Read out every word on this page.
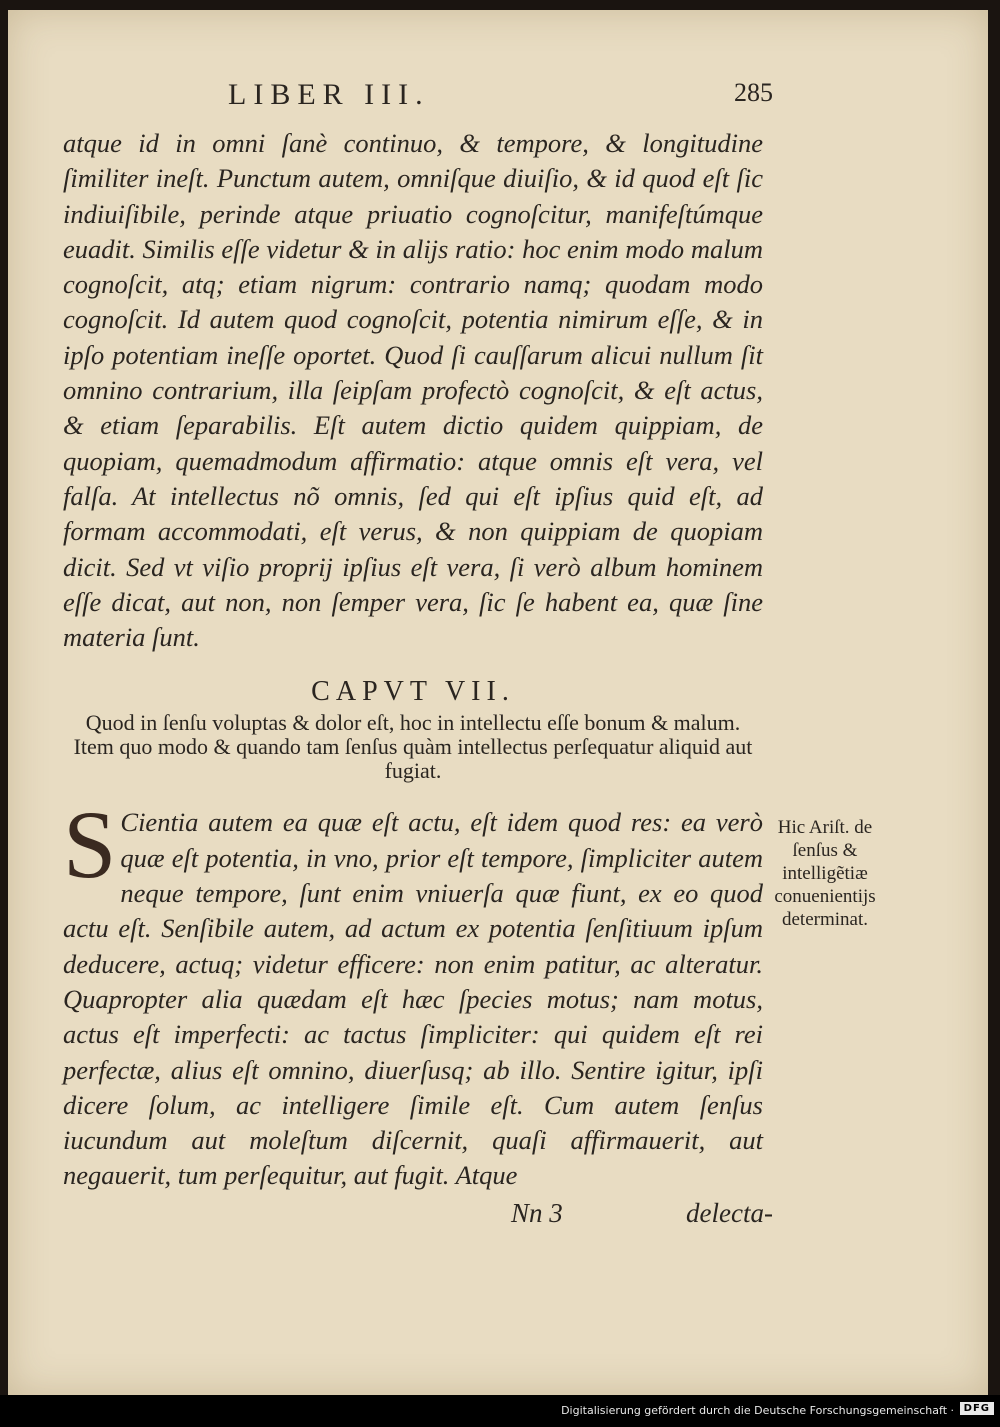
LIBER III.	285

atque id in omni ſanè continuo, & tempore, & longitudine ſimiliter ineſt. Punctum autem, omniſque diuiſio, & id quod eſt ſic indiuiſibile, perinde atque priuatio cognoſcitur, manifeſtúmque euadit. Similis eſſe videtur & in alijs ratio: hoc enim modo malum cognoſcit, atq; etiam nigrum: contrario namq; quodam modo cognoſcit. Id autem quod cognoſcit, potentia nimirum eſſe, & in ipſo potentiam ineſſe oportet. Quod ſi cauſſarum alicui nullum ſit omnino contrarium, illa ſeipſam profectò cognoſcit, & eſt actus, & etiam ſeparabilis. Eſt autem dictio quidem quippiam, de quopiam, quemadmodum affirmatio: atque omnis eſt vera, vel falſa. At intellectus nõ omnis, ſed qui eſt ipſius quid eſt, ad formam accommodati, eſt verus, & non quippiam de quopiam dicit. Sed vt viſio proprij ipſius eſt vera, ſi verò album hominem eſſe dicat, aut non, non ſemper vera, ſic ſe habent ea, quæ ſine materia ſunt.

CAPVT VII.
Quod in ſenſu voluptas & dolor eſt, hoc in intellectu eſſe bonum & malum. Item quo modo & quando tam ſenſus quàm intellectus perſequatur aliquid aut fugiat.
S Cientia autem ea quæ eſt actu, eſt idem quod res: ea verò quæ eſt potentia, in vno, prior eſt tempore, ſimpliciter autem neque tempore, ſunt enim vniuerſa quæ fiunt, ex eo quod actu eſt. Senſibile autem, ad actum ex potentia ſenſitiuum ipſum deducere, actuq; videtur efficere: non enim patitur, ac alteratur. Quapropter alia quædam eſt hæc ſpecies motus; nam motus, actus eſt imperfecti: ac tactus ſimpliciter: qui quidem eſt rei perfectæ, alius eſt omnino, diuerſusq; ab illo. Sentire igitur, ipſi dicere ſolum, ac intelligere ſimile eſt. Cum autem ſenſus iucundum aut moleſtum diſcernit, quaſi affirmauerit, aut negauerit, tum perſequitur, aut fugit. Atque
Nn 3	delecta-
Hic Ariſt. de ſenſus & intelligẽtiæ conuenientijs determinat.
Digitalisierung gefördert durch die Deutsche Forschungsgemeinschaft · DFG
